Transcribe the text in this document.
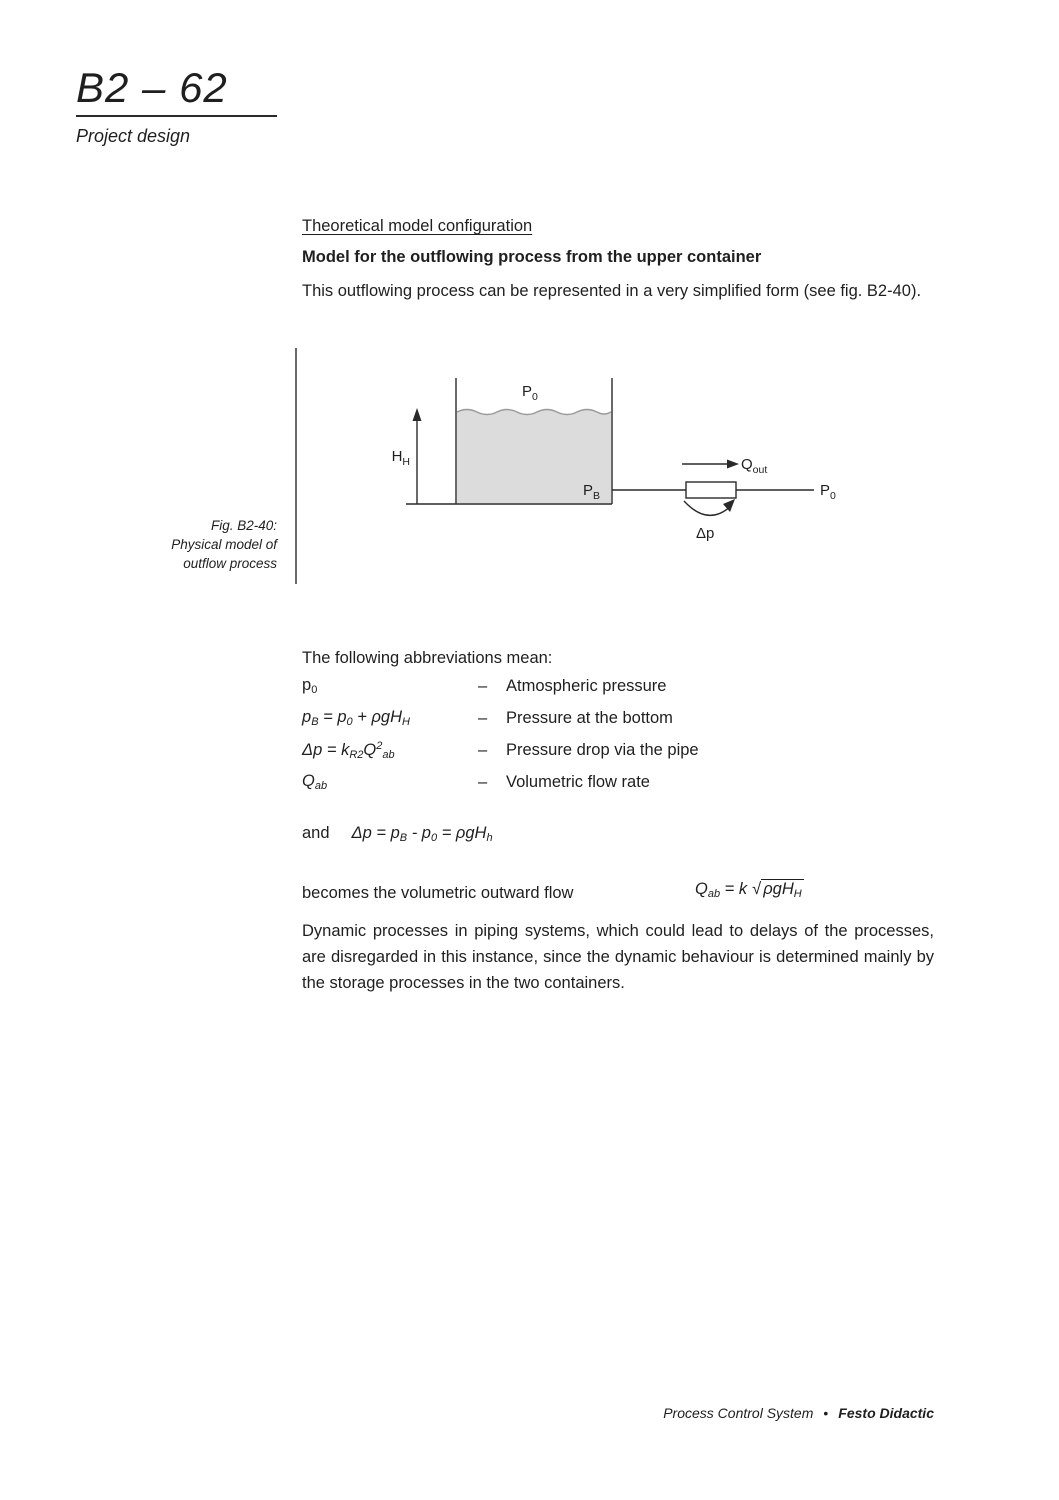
B2 – 62
Project design
Theoretical model configuration
Model for the outflowing process from the upper container
This outflowing process can be represented in a very simplified form (see fig. B2-40).
$P_0$
$H_H$
$P_B$
$Q_{out}$
$P_0$
Δp
Fig. B2-40:
Physical model of
outflow process
The following abbreviations mean:
$p_0$	–	Atmospheric pressure
$p_B = p_0 + \rho gH_H$	–	Pressure at the bottom
$\Delta p = k_{R2}Q^2_{ab}$	–	Pressure drop via the pipe
$Q_{ab}$	–	Volumetric flow rate
and $\Delta p = p_B - p_0 = \rho gH_h$
becomes the volumetric outward flow	$Q_{ab} = k$ √ ρgH$_H$
Dynamic processes in piping systems, which could lead to delays of the processes, are disregarded in this instance, since the dynamic behaviour is determined mainly by the storage processes in the two containers.
Process Control System • Festo Didactic
